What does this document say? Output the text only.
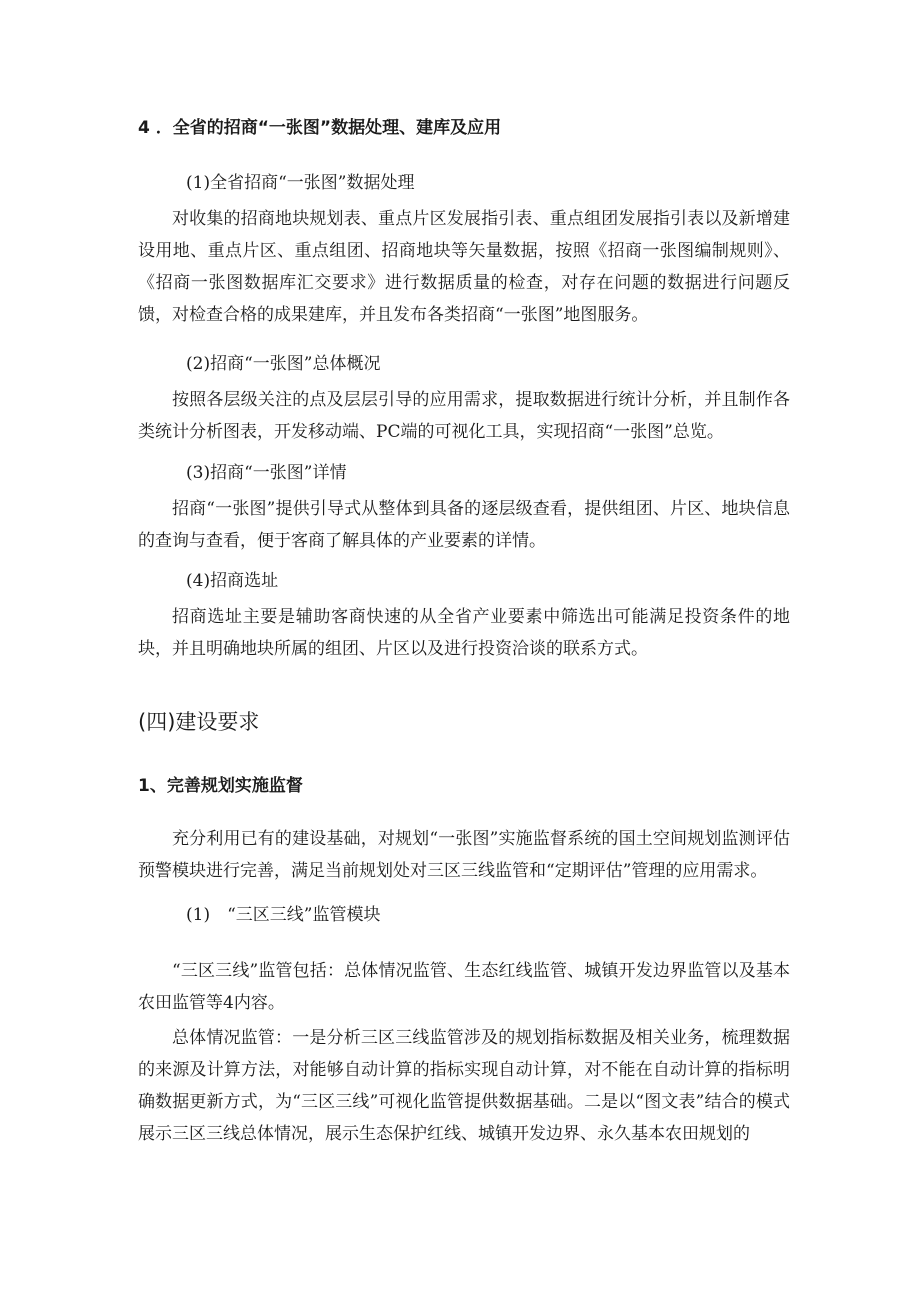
4 ．全省的招商“一张图”数据处理、建库及应用
(1)全省招商“一张图”数据处理
对收集的招商地块规划表、重点片区发展指引表、重点组团发展指引表以及新增建设用地、重点片区、重点组团、招商地块等矢量数据，按照《招商一张图编制规则》、《招商一张图数据库汇交要求》进行数据质量的检查，对存在问题的数据进行问题反馈，对检查合格的成果建库，并且发布各类招商“一张图”地图服务。
(2)招商“一张图”总体概况
按照各层级关注的点及层层引导的应用需求，提取数据进行统计分析，并且制作各类统计分析图表，开发移动端、PC端的可视化工具，实现招商“一张图”总览。
(3)招商“一张图”详情
招商“一张图”提供引导式从整体到具备的逐层级查看，提供组团、片区、地块信息的查询与查看，便于客商了解具体的产业要素的详情。
(4)招商选址
招商选址主要是辅助客商快速的从全省产业要素中筛选出可能满足投资条件的地块，并且明确地块所属的组团、片区以及进行投资洽谈的联系方式。
(四)建设要求
1、完善规划实施监督
充分利用已有的建设基础，对规划“一张图”实施监督系统的国土空间规划监测评估预警模块进行完善，满足当前规划处对三区三线监管和“定期评估”管理的应用需求。
(1)　“三区三线”监管模块
“三区三线”监管包括：总体情况监管、生态红线监管、城镇开发边界监管以及基本农田监管等4内容。
总体情况监管：一是分析三区三线监管涉及的规划指标数据及相关业务，梳理数据的来源及计算方法，对能够自动计算的指标实现自动计算，对不能在自动计算的指标明确数据更新方式，为“三区三线”可视化监管提供数据基础。二是以“图文表”结合的模式展示三区三线总体情况，展示生态保护红线、城镇开发边界、永久基本农田规划的
